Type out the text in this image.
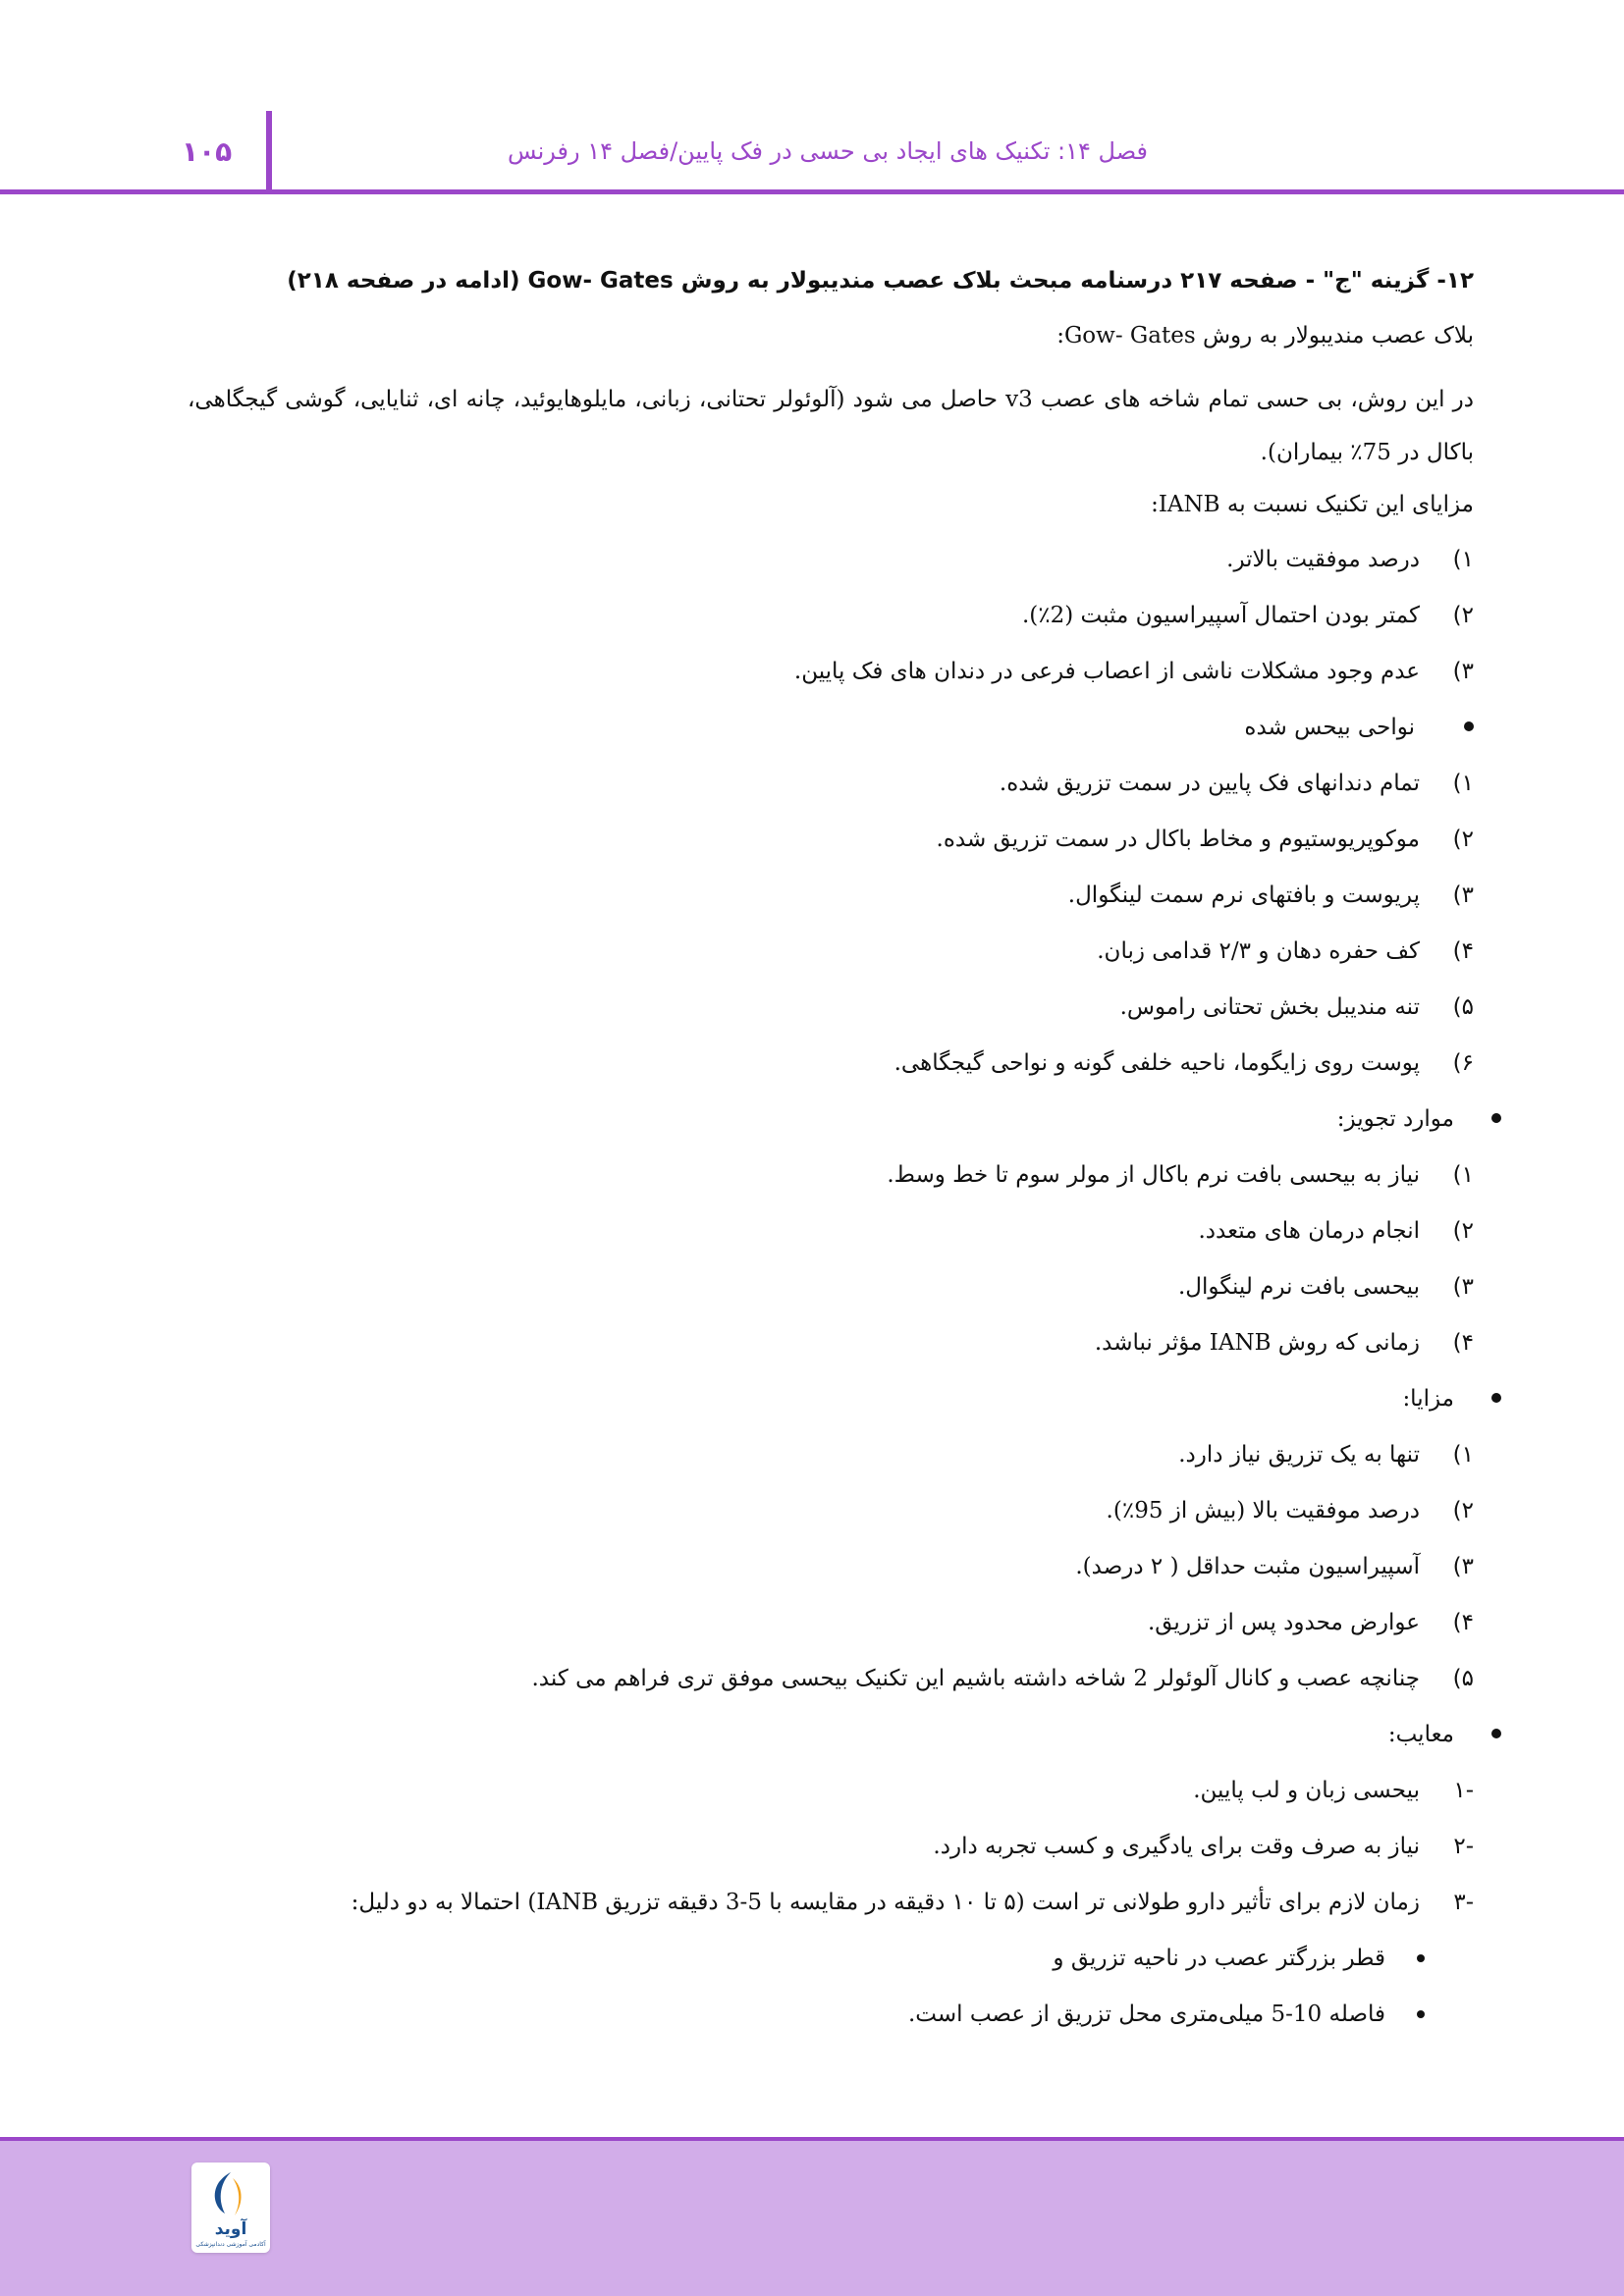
۱۰۵	فصل ۱۴: تکنیک های ایجاد بی حسی در فک پایین/فصل ۱۴ رفرنس
۱۲- گزینه "ج" - صفحه ۲۱۷ درسنامه مبحث بلاک عصب مندیبولار به روش Gow- Gates (ادامه در صفحه ۲۱۸)
بلاک عصب مندیبولار به روش Gow- Gates:
در این روش، بی حسی تمام شاخه های عصب v3 حاصل می شود (آلوئولر تحتانی، زبانی، مایلوهایوئید، چانه ای، ثنایایی، گوشی گیجگاهی، باکال در 75٪ بیماران).
مزایای این تکنیک نسبت به IANB:
۱)
درصد موفقیت بالاتر.
۲)
کمتر بودن احتمال آسپیراسیون مثبت (2٪).
۳)
عدم وجود مشکلات ناشی از اعصاب فرعی در دندان های فک پایین.
نواحی بیحس شده
۱)
تمام دندانهای فک پایین در سمت تزریق شده.
۲)
موکوپریوستیوم و مخاط باکال در سمت تزریق شده.
۳)
پریوست و بافتهای نرم سمت لینگوال.
۴)
کف حفره دهان و ۲/۳ قدامی زبان.
۵)
تنه مندیبل بخش تحتانی راموس.
۶)
پوست روی زایگوما، ناحیه خلفی گونه و نواحی گیجگاهی.
موارد تجویز:
۱)
نیاز به بیحسی بافت نرم باکال از مولر سوم تا خط وسط.
۲)
انجام درمان های متعدد.
۳)
بیحسی بافت نرم لینگوال.
۴)
زمانی که روش IANB مؤثر نباشد.
مزایا:
۱)
تنها به یک تزریق نیاز دارد.
۲)
درصد موفقیت بالا (بیش از 95٪).
۳)
آسپیراسیون مثبت حداقل ( ۲ درصد).
۴)
عوارض محدود پس از تزریق.
۵)
چنانچه عصب و کانال آلوئولر 2 شاخه داشته باشیم این تکنیک بیحسی موفق تری فراهم می کند.
معایب:
-۱
بیحسی زبان و لب پایین.
-۲
نیاز به صرف وقت برای یادگیری و کسب تجربه دارد.
-۳
زمان لازم برای تأثیر دارو طولانی تر است (۵ تا ۱۰ دقیقه در مقایسه با 5-3 دقیقه تزریق IANB) احتمالا به دو دلیل:
قطر بزرگتر عصب در ناحیه تزریق و
فاصله 10-5 میلی‌متری محل تزریق از عصب است.
آوید
آکادمی آموزشی دندانپزشکی
